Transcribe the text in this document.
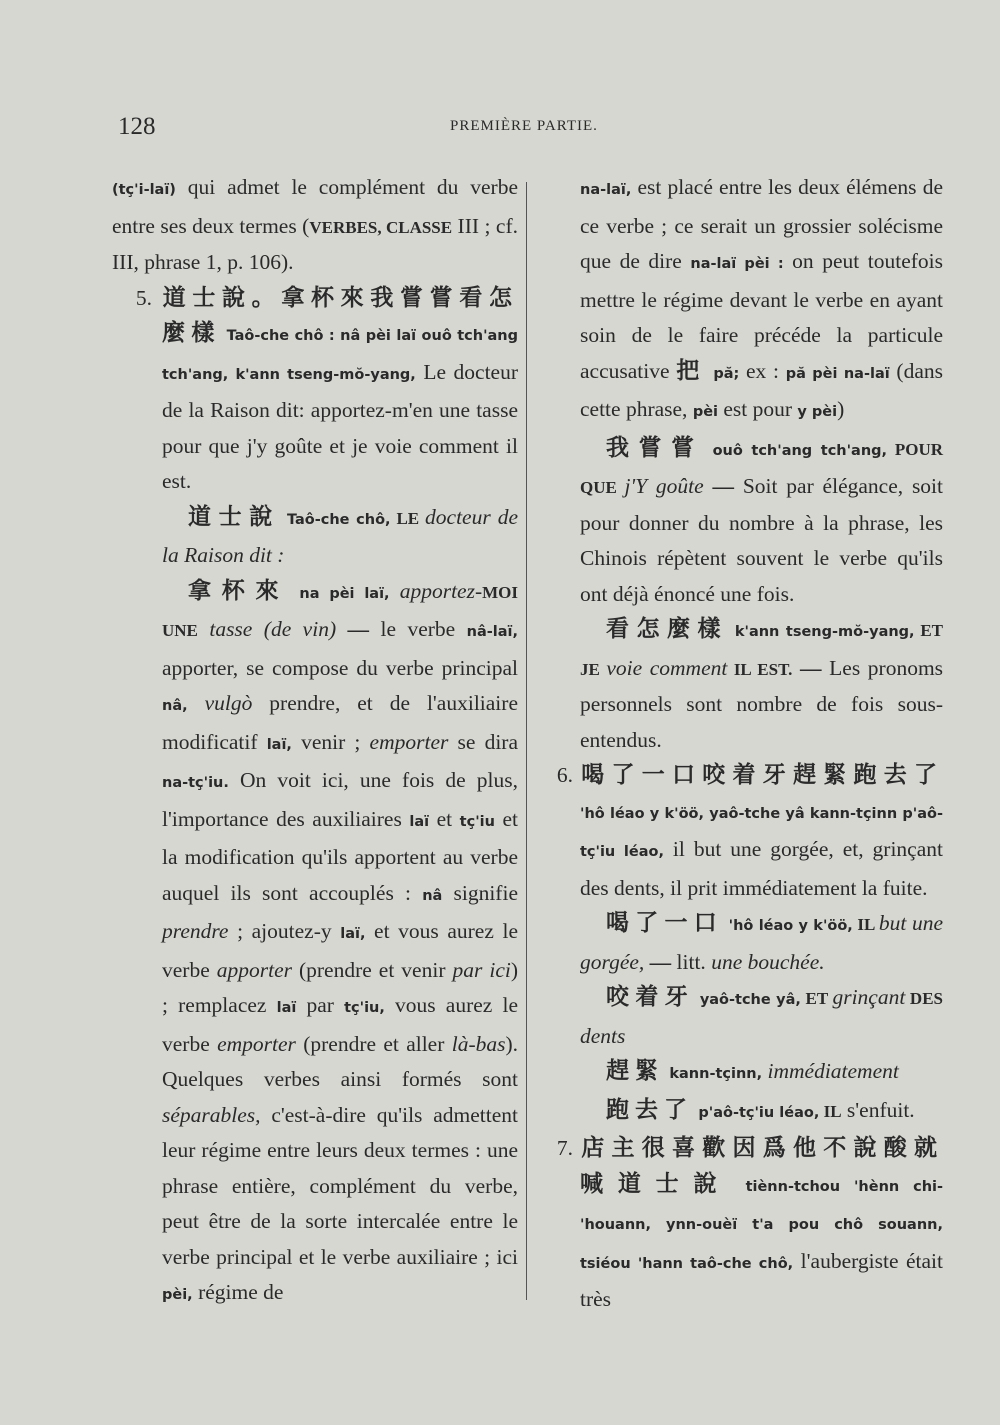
128	PREMIÈRE PARTIE.

(tç'i-laï) qui admet le complément du verbe entre ses deux termes (VERBES, CLASSE III ; cf. III, phrase 1, p. 106).

5. 道士說。拿杯來我嘗嘗看怎麼樣 Taô-che chô : nâ pèi laï ouô tch'ang tch'ang, k'ann tseng-mŏ-yang, Le docteur de la Raison dit: apportez-m'en une tasse pour que j'y goûte et je voie comment il est.

道士說 Taô-che chô, LE docteur de la Raison dit :

拿杯來 na pèi laï, apportez-MOI UNE tasse (de vin) — le verbe nâ-laï, apporter, se compose du verbe principal nâ, vulgò prendre, et de l'auxiliaire modificatif laï, venir ; emporter se dira na-tç'iu. On voit ici, une fois de plus, l'importance des auxiliaires laï et tç'iu et la modification qu'ils apportent au verbe auquel ils sont accouplés : nâ signifie prendre ; ajoutez-y laï, et vous aurez le verbe apporter (prendre et venir par ici) ; remplacez laï par tç'iu, vous aurez le verbe emporter (prendre et aller là-bas). Quelques verbes ainsi formés sont séparables, c'est-à-dire qu'ils admettent leur régime entre leurs deux termes : une phrase entière, complément du verbe, peut être de la sorte intercalée entre le verbe principal et le verbe auxiliaire ; ici pèi, régime de

na-laï, est placé entre les deux élémens de ce verbe ; ce serait un grossier solécisme que de dire na-laï pèi : on peut toutefois mettre le régime devant le verbe en ayant soin de le faire précéde la particule accusative 把 pă; ex : pă pèi na-laï (dans cette phrase, pèi est pour y pèi)

我嘗嘗 ouô tch'ang tch'ang, POUR QUE j'Y goûte — Soit par élégance, soit pour donner du nombre à la phrase, les Chinois répètent souvent le verbe qu'ils ont déjà énoncé une fois.

看怎麼樣 k'ann tseng-mŏ-yang, ET JE voie comment IL EST. — Les pronoms personnels sont nombre de fois sous-entendus.

6. 喝了一口咬着牙趕緊跑去了 'hô léao y k'öö, yaô-tche yâ kann-tçinn p'aô-tç'iu léao, il but une gorgée, et, grinçant des dents, il prit immédiatement la fuite.

喝了一口 'hô léao y k'öö, IL but une gorgée, — litt. une bouchée.

咬着牙 yaô-tche yâ, ET grinçant DES dents

趕緊 kann-tçinn, immédiatement

跑去了 p'aô-tç'iu léao, IL s'enfuit.

7. 店主很喜歡因爲他不說酸就喊道士說 tiènn-tchou 'hènn chi-'houann, ynn-ouèï t'a pou chô souann, tsiéou 'hann taô-che chô, l'aubergiste était très
